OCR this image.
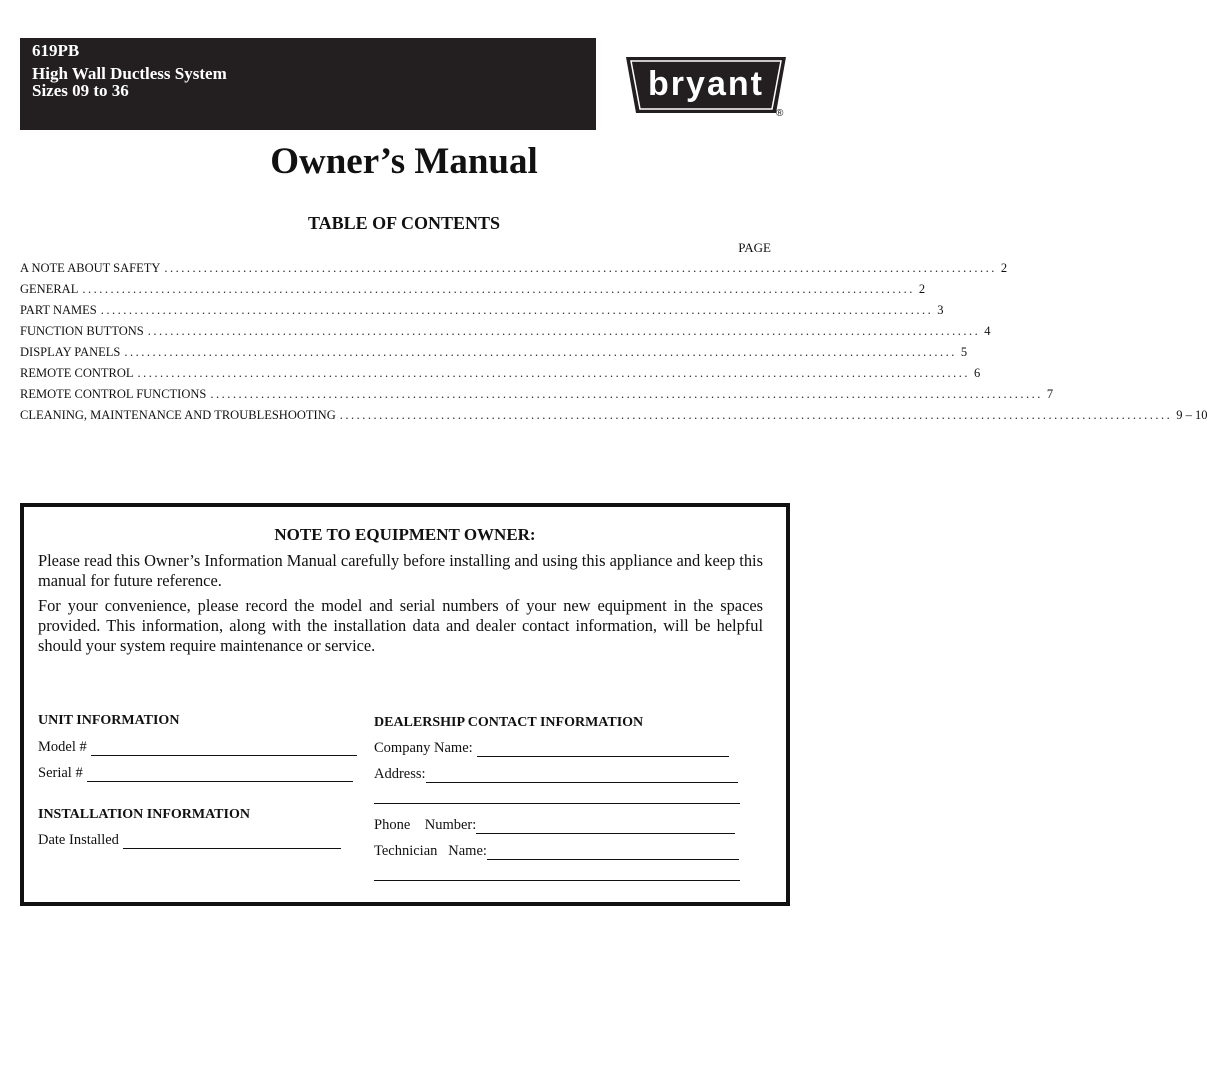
619PB
High Wall Ductless System
Sizes 09 to 36	bryant
®
Owner’s Manual
TABLE OF CONTENTS
PAGE
A NOTE ABOUT SAFETY .................................................................................................................................................... 2
GENERAL .................................................................................................................................................... 2
PART NAMES .................................................................................................................................................... 3
FUNCTION BUTTONS .................................................................................................................................................... 4
DISPLAY PANELS .................................................................................................................................................... 5
REMOTE CONTROL .................................................................................................................................................... 6
REMOTE CONTROL FUNCTIONS .................................................................................................................................................... 7
CLEANING, MAINTENANCE AND TROUBLESHOOTING .................................................................................................................................................... 9 – 10
NOTE TO EQUIPMENT OWNER:
Please read this Owner’s Information Manual carefully before installing and using this appliance and keep this manual for future reference.
For your convenience, please record the model and serial numbers of your new equipment in the spaces provided. This information, along with the installation data and dealer contact information, will be helpful should your system require maintenance or service.
UNIT INFORMATION
Model #
Serial #
INSTALLATION INFORMATION
Date Installed
DEALERSHIP CONTACT INFORMATION
Company Name:
Address:
Phone    Number:
Technician   Name:
